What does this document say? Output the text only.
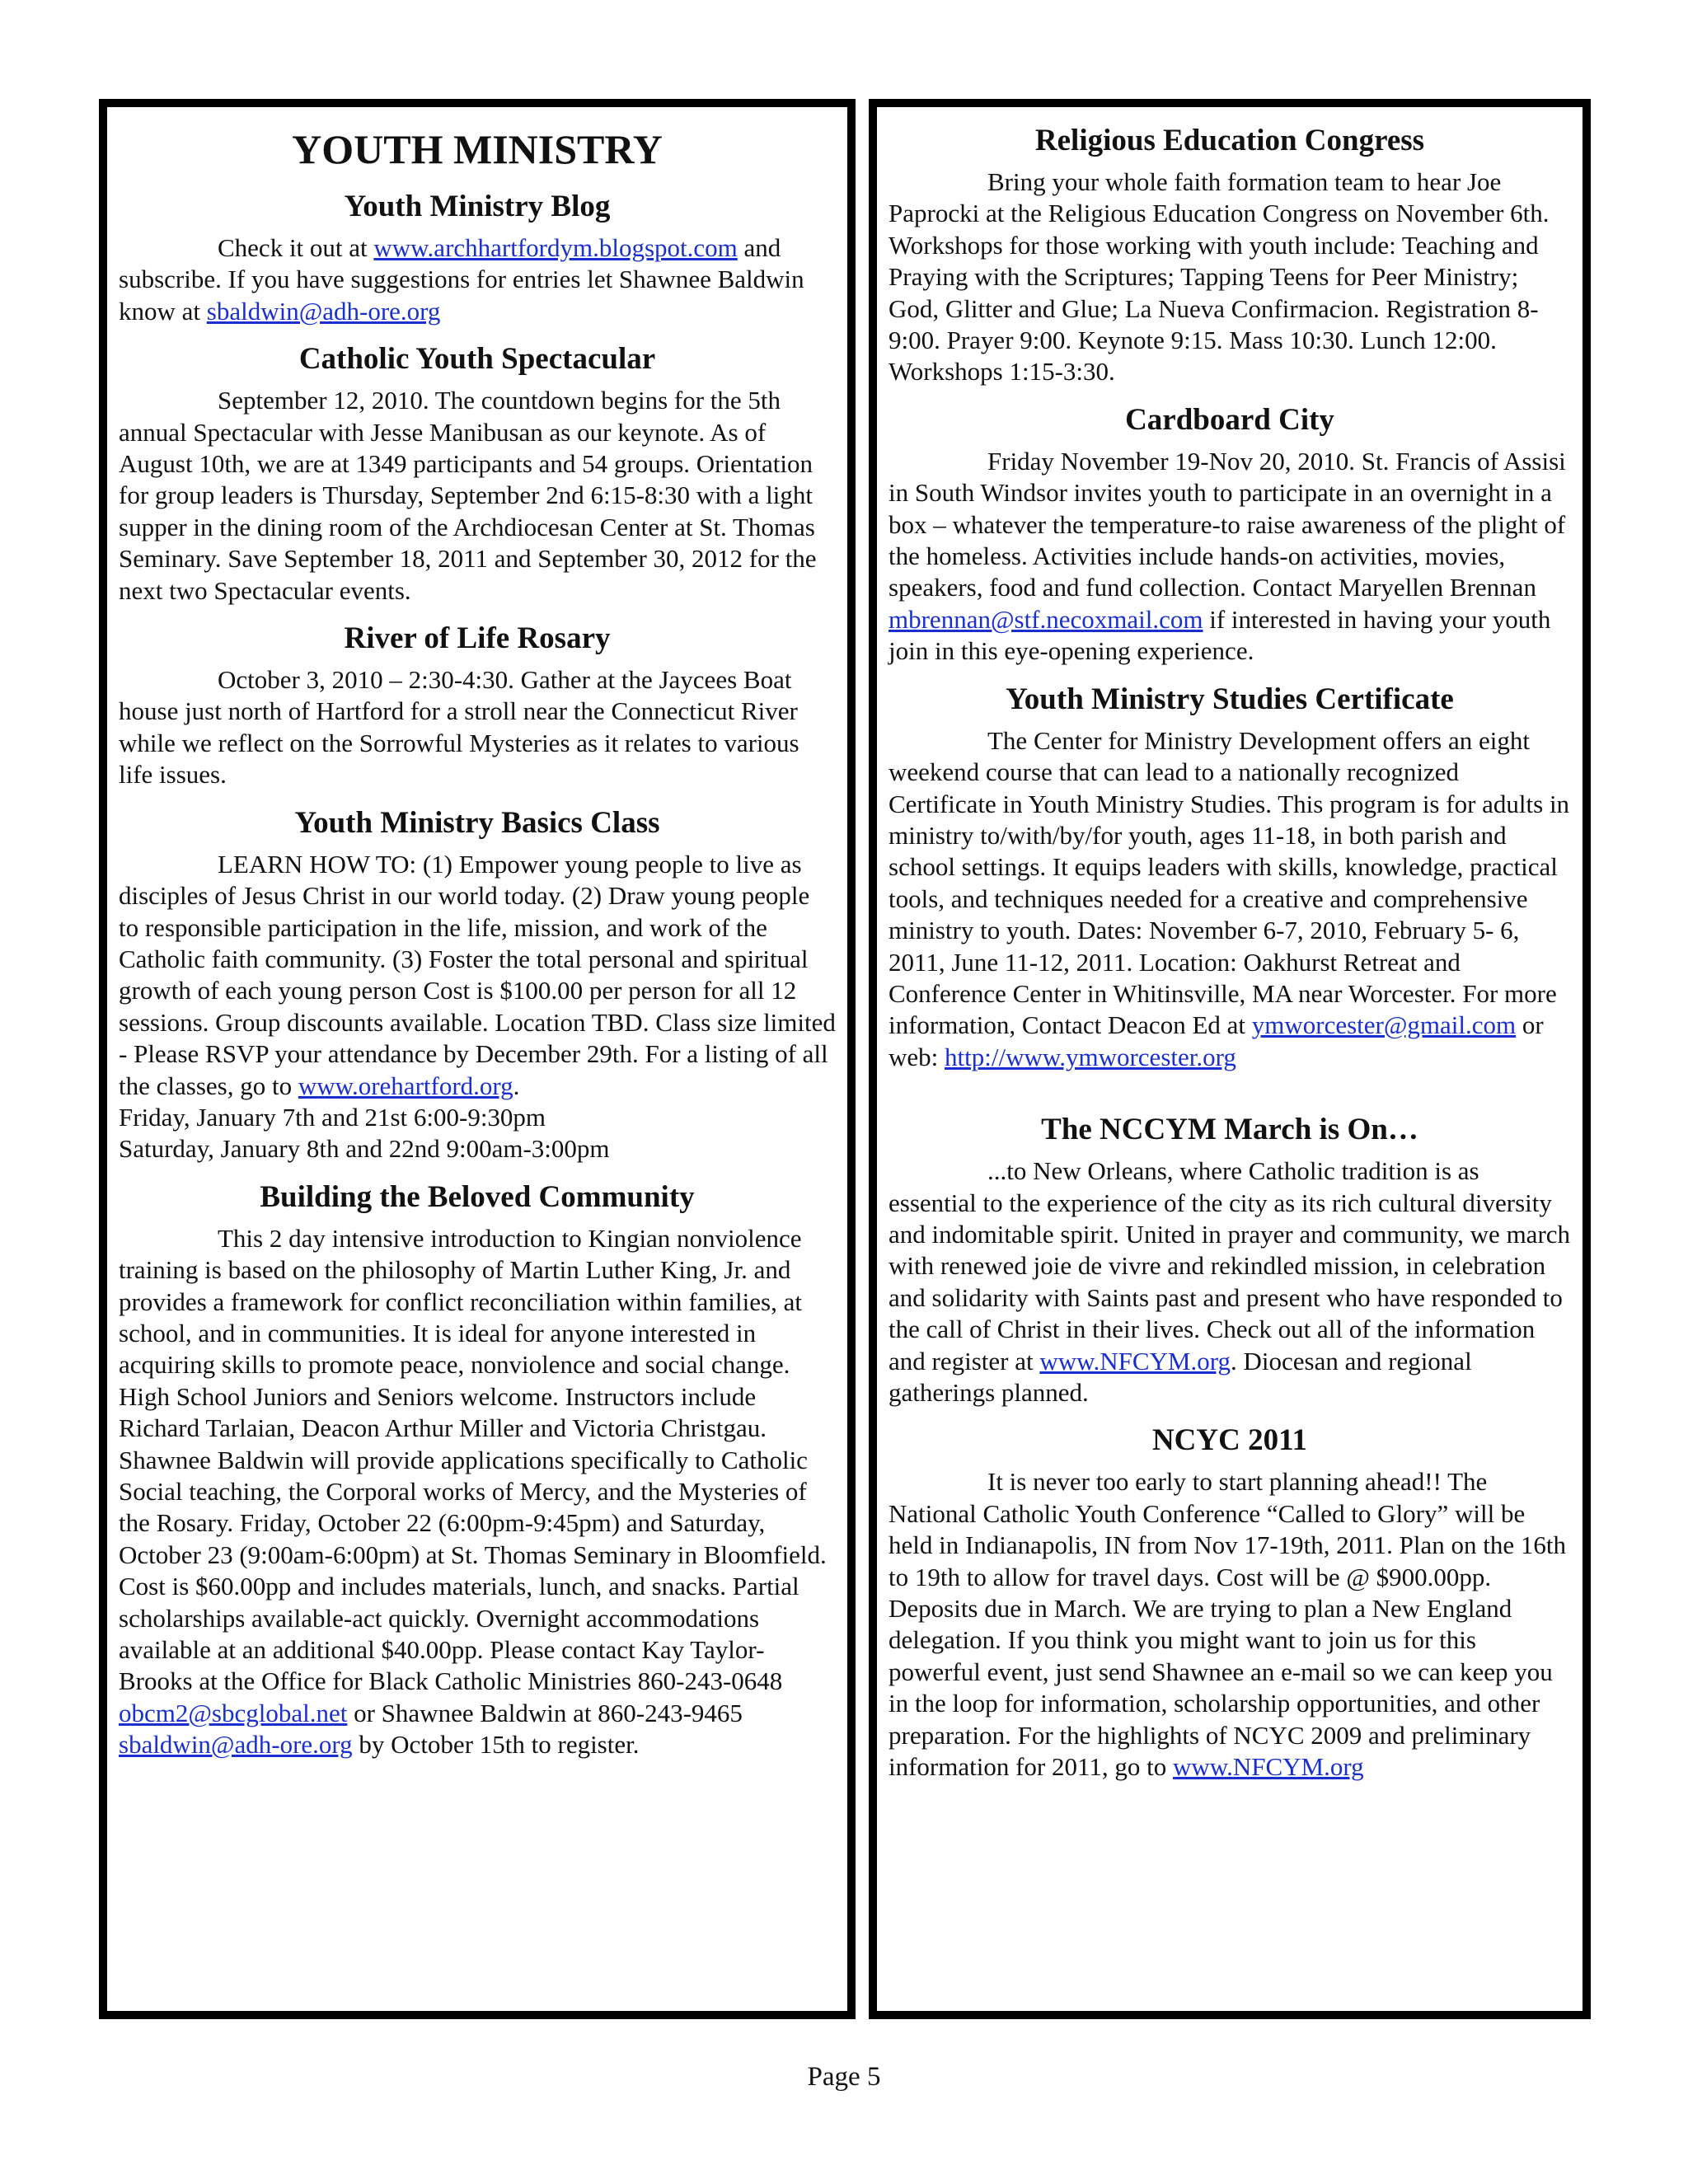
YOUTH MINISTRY
Youth Ministry Blog

Check it out at www.archhartfordym.blogspot.com and subscribe. If you have suggestions for entries let Shawnee Baldwin know at sbaldwin@adh-ore.org

Catholic Youth Spectacular

September 12, 2010. The countdown begins for the 5th annual Spectacular with Jesse Manibusan as our keynote. As of August 10th, we are at 1349 participants and 54 groups. Orientation for group leaders is Thursday, September 2nd 6:15-8:30 with a light supper in the dining room of the Archdiocesan Center at St. Thomas Seminary. Save September 18, 2011 and September 30, 2012 for the next two Spectacular events.

River of Life Rosary

October 3, 2010 – 2:30-4:30. Gather at the Jaycees Boat house just north of Hartford for a stroll near the Connecticut River while we reflect on the Sorrowful Mysteries as it relates to various life issues.

Youth Ministry Basics Class

LEARN HOW TO: (1) Empower young people to live as disciples of Jesus Christ in our world today. (2) Draw young people to responsible participation in the life, mission, and work of the Catholic faith community. (3) Foster the total personal and spiritual growth of each young person Cost is $100.00 per person for all 12 sessions. Group discounts available. Location TBD. Class size limited - Please RSVP your attendance by December 29th. For a listing of all the classes, go to www.orehartford.org.

Friday, January 7th and 21st 6:00-9:30pm

Saturday, January 8th and 22nd 9:00am-3:00pm

Building the Beloved Community

This 2 day intensive introduction to Kingian nonviolence training is based on the philosophy of Martin Luther King, Jr. and provides a framework for conflict reconciliation within families, at school, and in communities. It is ideal for anyone interested in acquiring skills to promote peace, nonviolence and social change. High School Juniors and Seniors welcome. Instructors include Richard Tarlaian, Deacon Arthur Miller and Victoria Christgau. Shawnee Baldwin will provide applications specifically to Catholic Social teaching, the Corporal works of Mercy, and the Mysteries of the Rosary. Friday, October 22 (6:00pm-9:45pm) and Saturday, October 23 (9:00am-6:00pm) at St. Thomas Seminary in Bloomfield. Cost is $60.00pp and includes materials, lunch, and snacks. Partial scholarships available-act quickly. Overnight accommodations available at an additional $40.00pp. Please contact Kay Taylor-Brooks at the Office for Black Catholic Ministries 860-243-0648 obcm2@sbcglobal.net or Shawnee Baldwin at 860-243-9465 sbaldwin@adh-ore.org by October 15th to register.

Religious Education Congress

Bring your whole faith formation team to hear Joe Paprocki at the Religious Education Congress on November 6th. Workshops for those working with youth include: Teaching and Praying with the Scriptures; Tapping Teens for Peer Ministry; God, Glitter and Glue; La Nueva Confirmacion. Registration 8-9:00. Prayer 9:00. Keynote 9:15. Mass 10:30. Lunch 12:00. Workshops 1:15-3:30.

Cardboard City

Friday November 19-Nov 20, 2010. St. Francis of Assisi in South Windsor invites youth to participate in an overnight in a box – whatever the temperature-to raise awareness of the plight of the homeless. Activities include hands-on activities, movies, speakers, food and fund collection. Contact Maryellen Brennan mbrennan@stf.necoxmail.com if interested in having your youth join in this eye-opening experience.

Youth Ministry Studies Certificate

The Center for Ministry Development offers an eight weekend course that can lead to a nationally recognized Certificate in Youth Ministry Studies. This program is for adults in ministry to/with/by/for youth, ages 11-18, in both parish and school settings. It equips leaders with skills, knowledge, practical tools, and techniques needed for a creative and comprehensive ministry to youth. Dates: November 6-7, 2010, February 5- 6, 2011, June 11-12, 2011. Location: Oakhurst Retreat and Conference Center in Whitinsville, MA near Worcester. For more information, Contact Deacon Ed at ymworcester@gmail.com or web: http://www.ymworcester.org

The NCCYM March is On…

...to New Orleans, where Catholic tradition is as essential to the experience of the city as its rich cultural diversity and indomitable spirit. United in prayer and community, we march with renewed joie de vivre and rekindled mission, in celebration and solidarity with Saints past and present who have responded to the call of Christ in their lives. Check out all of the information and register at www.NFCYM.org. Diocesan and regional gatherings planned.

NCYC 2011

It is never too early to start planning ahead!! The National Catholic Youth Conference “Called to Glory” will be held in Indianapolis, IN from Nov 17-19th, 2011. Plan on the 16th to 19th to allow for travel days. Cost will be @ $900.00pp. Deposits due in March. We are trying to plan a New England delegation. If you think you might want to join us for this powerful event, just send Shawnee an e-mail so we can keep you in the loop for information, scholarship opportunities, and other preparation. For the highlights of NCYC 2009 and preliminary information for 2011, go to www.NFCYM.org

Page 5
